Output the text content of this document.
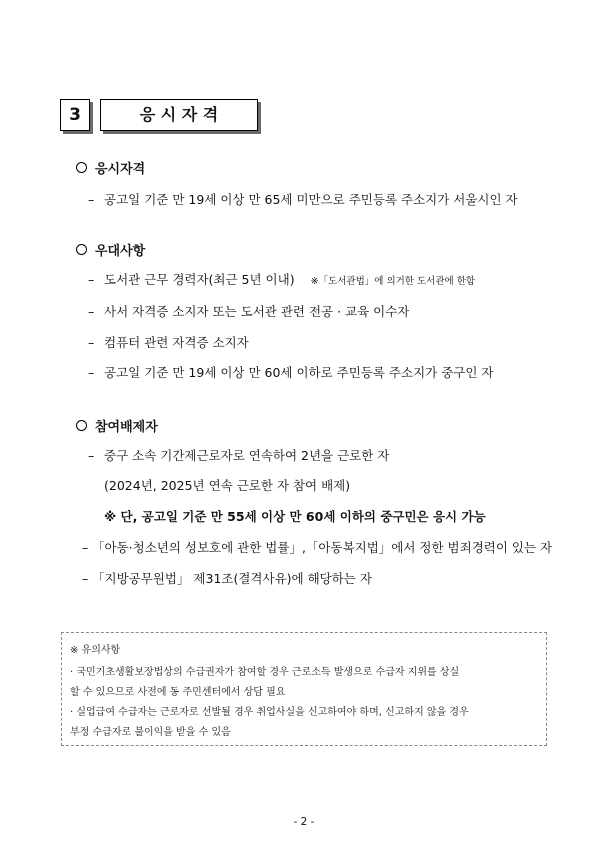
3	응 시 자 격
응시자격
– 공고일 기준 만 19세 이상 만 65세 미만으로 주민등록 주소지가 서울시인 자
우대사항
– 도서관 근무 경력자(최근 5년 이내) ※「도서관법」에 의거한 도서관에 한함
– 사서 자격증 소지자 또는 도서관 관련 전공 · 교육 이수자
– 컴퓨터 관련 자격증 소지자
– 공고일 기준 만 19세 이상 만 60세 이하로 주민등록 주소지가 중구인 자
참여배제자
– 중구 소속 기간제근로자로 연속하여 2년을 근로한 자
(2024년, 2025년 연속 근로한 자 참여 배제)
※ 단, 공고일 기준 만 55세 이상 만 60세 이하의 중구민은 응시 가능
– 「아동·청소년의 성보호에 관한 법률」,「아동복지법」에서 정한 범죄경력이 있는 자
– 「지방공무원법」 제31조(결격사유)에 해당하는 자
※ 유의사항
· 국민기초생활보장법상의 수급권자가 참여할 경우 근로소득 발생으로 수급자 지위를 상실
할 수 있으므로 사전에 동 주민센터에서 상담 필요
· 실업급여 수급자는 근로자로 선발될 경우 취업사실을 신고하여야 하며, 신고하지 않을 경우
부정 수급자로 불이익을 받을 수 있음
- 2 -
